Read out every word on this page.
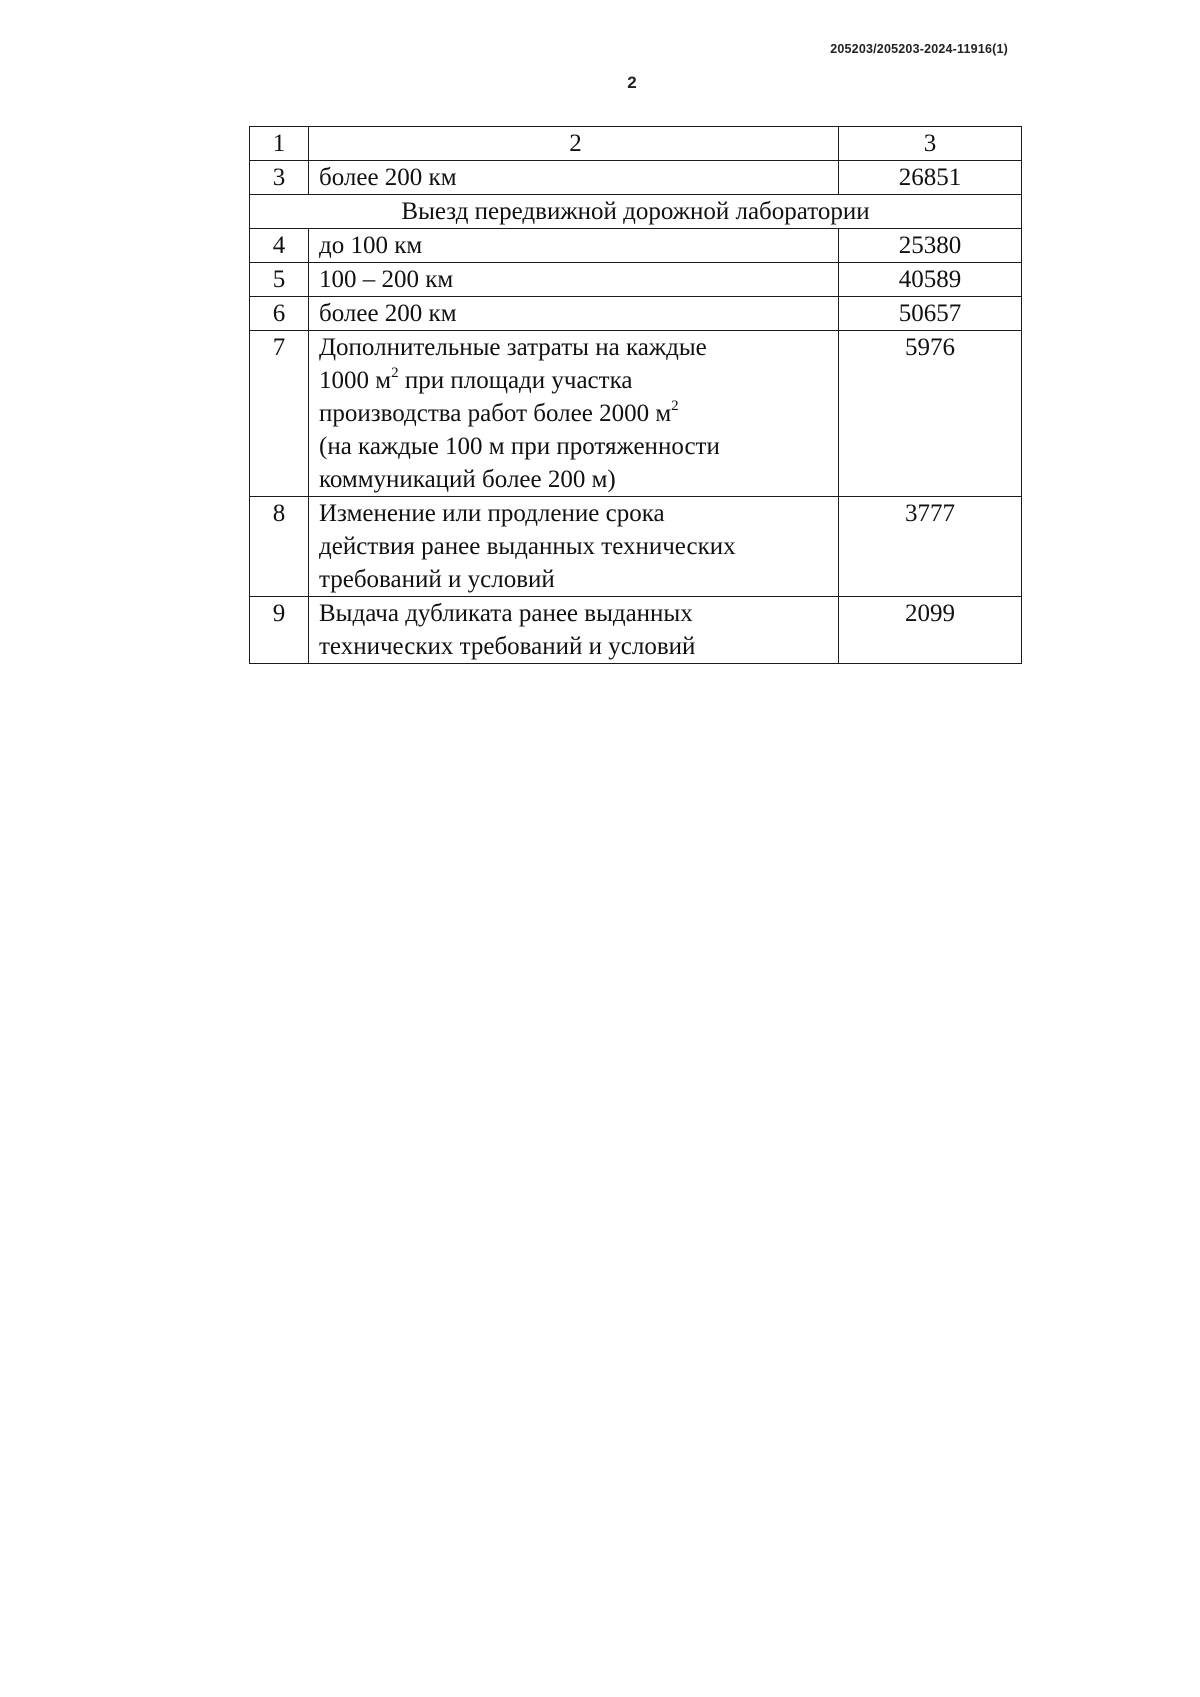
205203/205203-2024-11916(1)
2
1	2	3
3	более 200 км	26851
Выезд передвижной дорожной лаборатории		
4	до 100 км	25380
5	100 – 200 км	40589
6	более 200 км	50657
7	Дополнительные затраты на каждые
1000 $м^2$ при площади участка
производства работ более 2000 $м^2$
(на каждые 100 м при протяженности
коммуникаций более 200 м)	5976
8	Изменение или продление срока
действия ранее выданных технических
требований и условий	3777
9	Выдача дубликата ранее выданных
технических требований и условий	2099
